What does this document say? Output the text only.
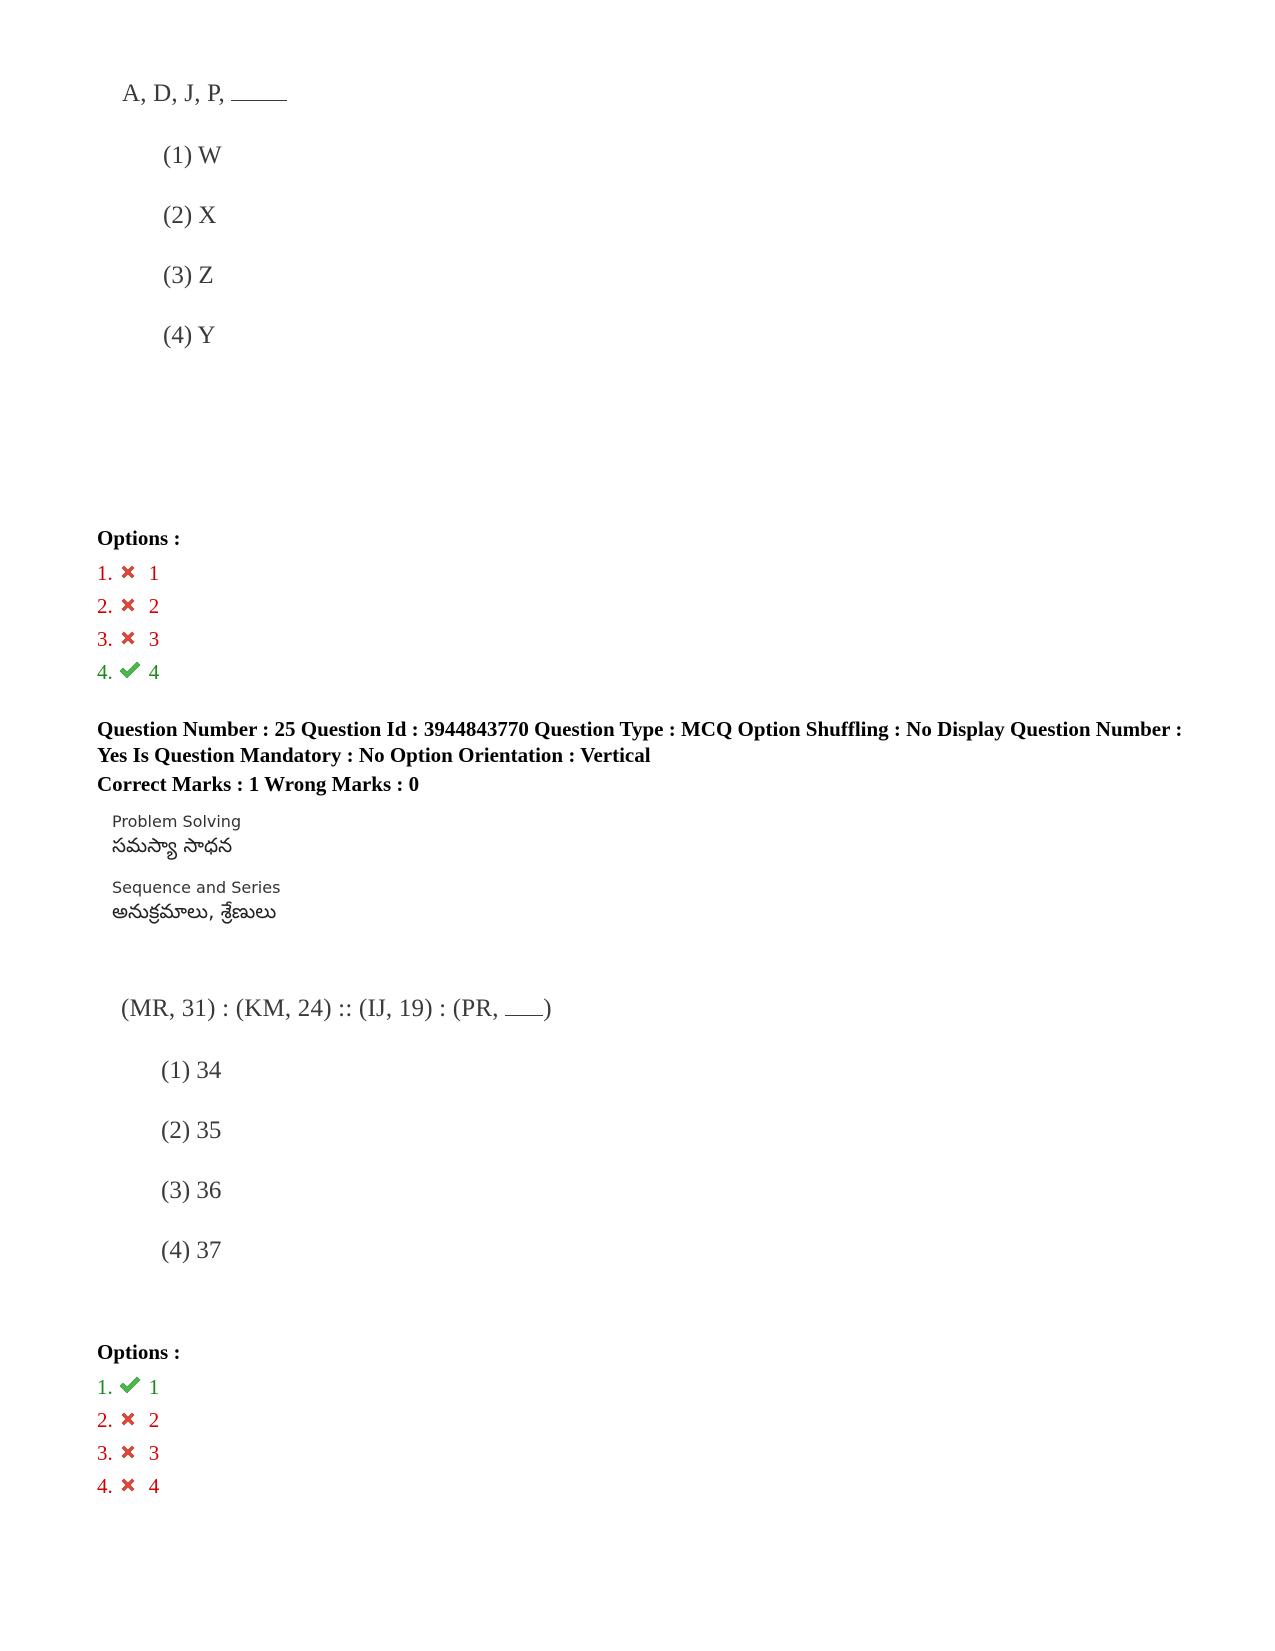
A, D, J, P,
(1) W
(2) X
(3) Z
(4) Y
Options :
1. 1
2. 2
3. 3
4. 4
Question Number : 25 Question Id : 3944843770 Question Type : MCQ Option Shuffling : No Display Question Number : Yes Is Question Mandatory : No Option Orientation : Vertical
Correct Marks : 1 Wrong Marks : 0
Problem Solving
సమస్యా సాధన
Sequence and Series
అనుక్రమాలు, శ్రేణులు
(MR, 31) : (KM, 24) :: (IJ, 19) : (PR, )
(1) 34
(2) 35
(3) 36
(4) 37
Options :
1. 1
2. 2
3. 3
4. 4
